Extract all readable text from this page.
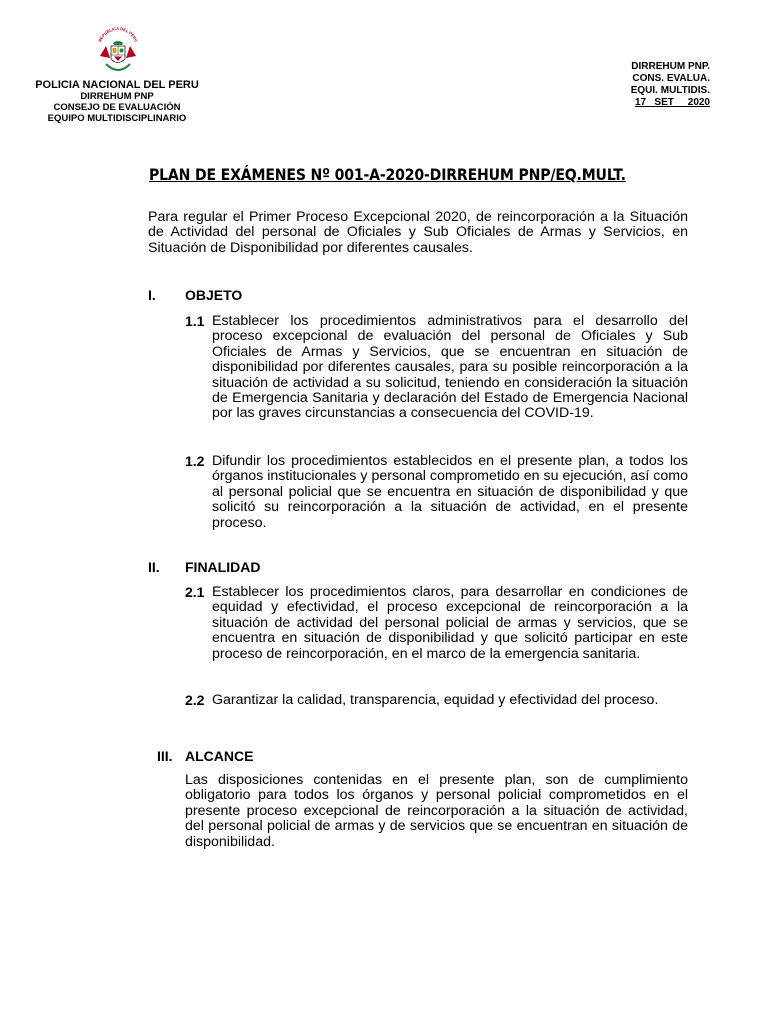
REPUBLICA DEL PERU
POLICIA NACIONAL DEL PERU
DIRREHUM PNP
CONSEJO DE EVALUACIÓN
EQUIPO MULTIDISCIPLINARIO
DIRREHUM PNP.
CONS. EVALUA.
EQUI. MULTIDIS.
17   SET     2020
PLAN DE EXÁMENES Nº 001-A-2020-DIRREHUM PNP/EQ.MULT.

Para regular el Primer Proceso Excepcional 2020, de reincorporación a la Situación de Actividad del personal de Oficiales y Sub Oficiales de Armas y Servicios, en Situación de Disponibilidad por diferentes causales.

I. OBJETO
1.1 Establecer los procedimientos administrativos para el desarrollo del proceso excepcional de evaluación del personal de Oficiales y Sub Oficiales de Armas y Servicios, que se encuentran en situación de disponibilidad por diferentes causales, para su posible reincorporación a la situación de actividad a su solicitud, teniendo en consideración la situación de Emergencia Sanitaria y declaración del Estado de Emergencia Nacional por las graves circunstancias a consecuencia del COVID-19.

1.2 Difundir los procedimientos establecidos en el presente plan, a todos los órganos institucionales y personal comprometido en su ejecución, así como al personal policial que se encuentra en situación de disponibilidad y que solicitó su reincorporación a la situación de actividad, en el presente proceso.

II. FINALIDAD
2.1 Establecer los procedimientos claros, para desarrollar en condiciones de equidad y efectividad, el proceso excepcional de reincorporación a la situación de actividad del personal policial de armas y servicios, que se encuentra en situación de disponibilidad y que solicitó participar en este proceso de reincorporación, en el marco de la emergencia sanitaria.

2.2 Garantizar la calidad, transparencia, equidad y efectividad del proceso.

III. ALCANCE

Las disposiciones contenidas en el presente plan, son de cumplimiento obligatorio para todos los órganos y personal policial comprometidos en el presente proceso excepcional de reincorporación a la situación de actividad, del personal policial de armas y de servicios que se encuentran en situación de disponibilidad.
